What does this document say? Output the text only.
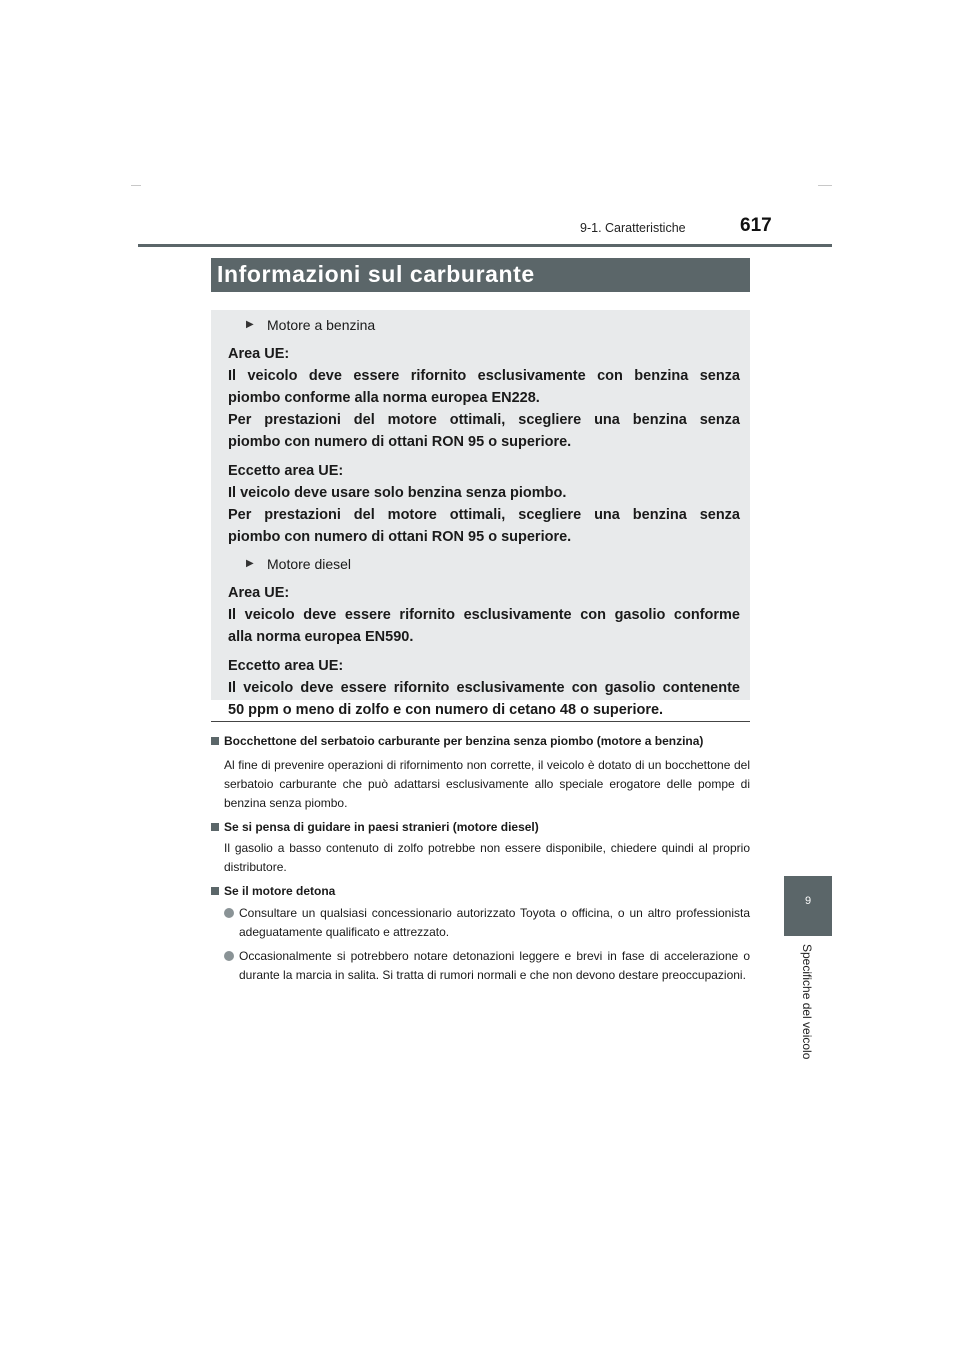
9-1. Caratteristiche	617
Informazioni sul carburante
▶ Motore a benzina
Area UE:
Il veicolo deve essere rifornito esclusivamente con benzina senza
piombo conforme alla norma europea EN228.
Per prestazioni del motore ottimali, scegliere una benzina senza
piombo con numero di ottani RON 95 o superiore.
Eccetto area UE:
Il veicolo deve usare solo benzina senza piombo.
Per prestazioni del motore ottimali, scegliere una benzina senza
piombo con numero di ottani RON 95 o superiore.
▶ Motore diesel
Area UE:
Il veicolo deve essere rifornito esclusivamente con gasolio conforme
alla norma europea EN590.
Eccetto area UE:
Il veicolo deve essere rifornito esclusivamente con gasolio contenente
50 ppm o meno di zolfo e con numero di cetano 48 o superiore.
Bocchettone del serbatoio carburante per benzina senza piombo (motore a benzina)
Al fine di prevenire operazioni di rifornimento non corrette, il veicolo è dotato di un bocchettone del serbatoio carburante che può adattarsi esclusivamente allo speciale erogatore delle pompe di benzina senza piombo.
Se si pensa di guidare in paesi stranieri (motore diesel)
Il gasolio a basso contenuto di zolfo potrebbe non essere disponibile, chiedere quindi al proprio distributore.
Se il motore detona
Consultare un qualsiasi concessionario autorizzato Toyota o officina, o un altro professionista adeguatamente qualificato e attrezzato.
Occasionalmente si potrebbero notare detonazioni leggere e brevi in fase di accelerazione o durante la marcia in salita. Si tratta di rumori normali e che non devono destare preoccupazioni.
9
Specifiche del veicolo
